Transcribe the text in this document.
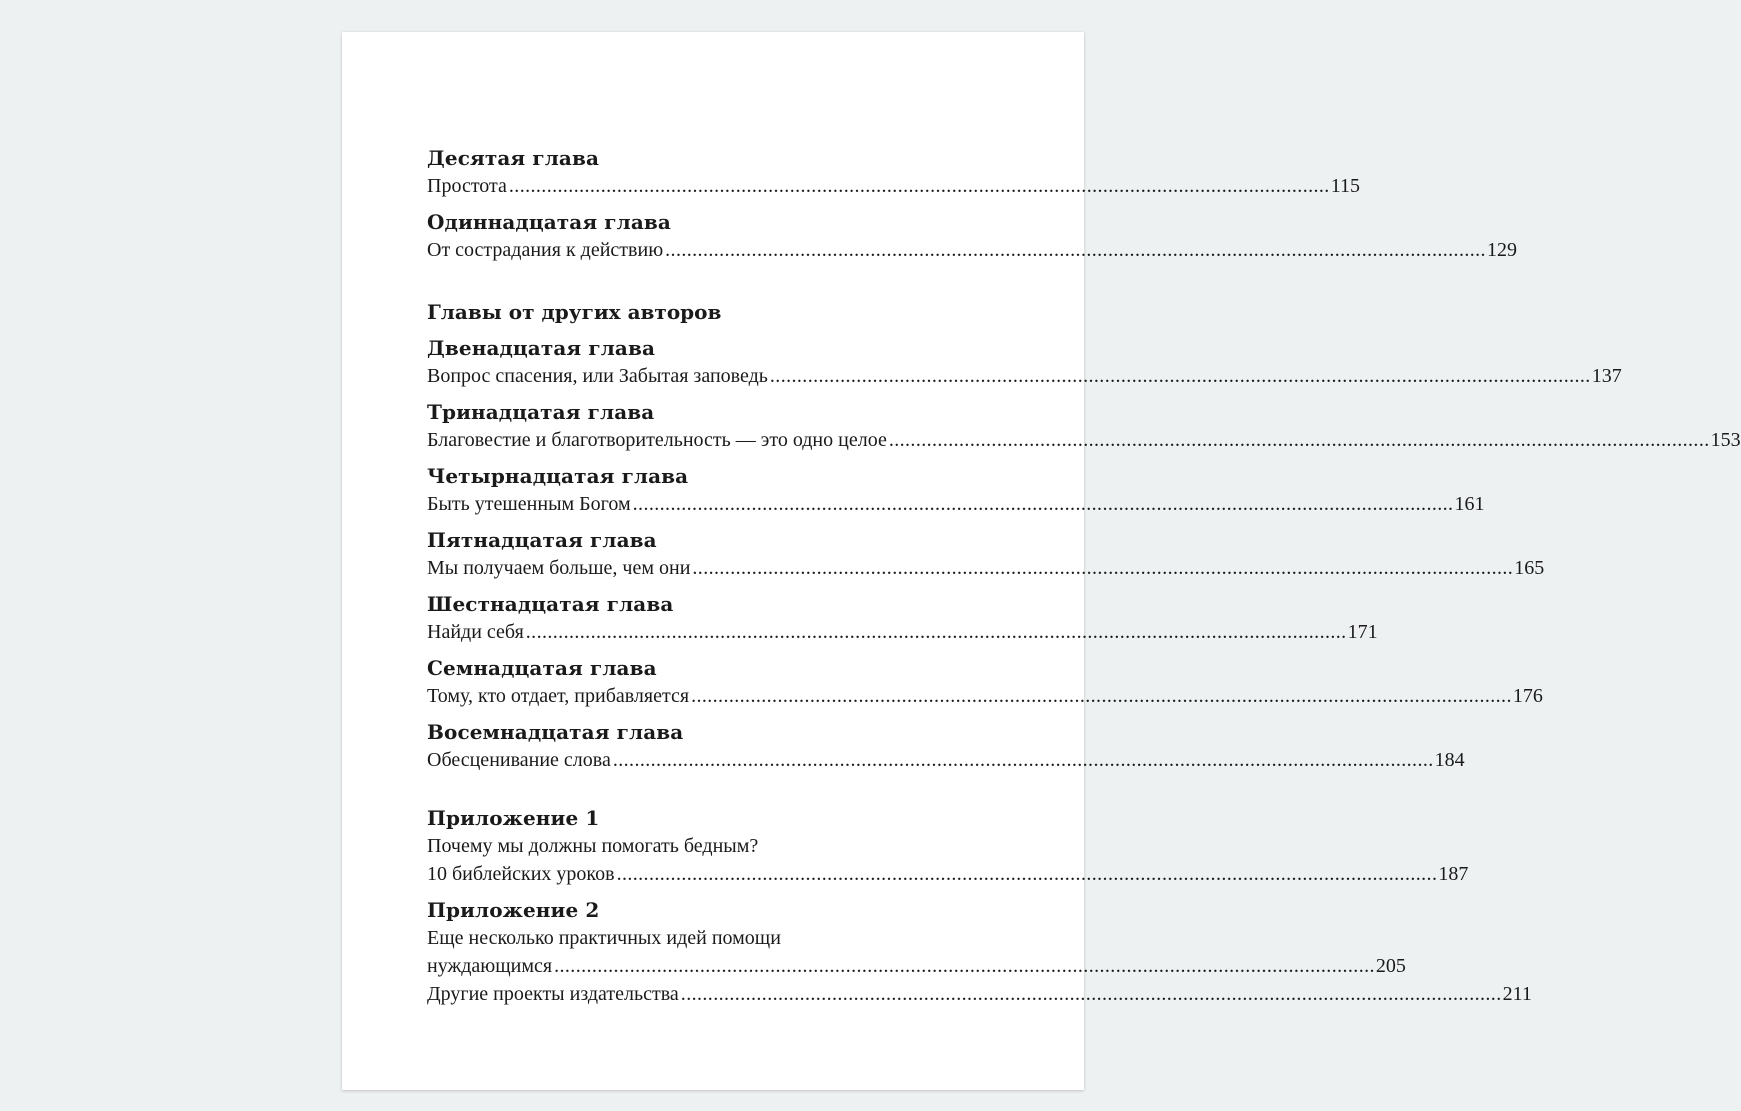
Десятая глава
Простота ........................................................................................................................................................ 115
Одиннадцатая глава
От сострадания к действию ........................................................................................................................................................ 129
Главы от других авторов
Двенадцатая глава
Вопрос спасения, или Забытая заповедь ........................................................................................................................................................ 137
Тринадцатая глава
Благовестие и благотворительность — это одно целое ........................................................................................................................................................ 153
Четырнадцатая глава
Быть утешенным Богом ........................................................................................................................................................ 161
Пятнадцатая глава
Мы получаем больше, чем они ........................................................................................................................................................ 165
Шестнадцатая глава
Найди себя ........................................................................................................................................................ 171
Семнадцатая глава
Тому, кто отдает, прибавляется ........................................................................................................................................................ 176
Восемнадцатая глава
Обесценивание слова ........................................................................................................................................................ 184
Приложение 1
Почему мы должны помогать бедным?
10 библейских уроков ........................................................................................................................................................ 187
Приложение 2
Еще несколько практичных идей помощи
нуждающимся ........................................................................................................................................................ 205
Другие проекты издательства ........................................................................................................................................................ 211
